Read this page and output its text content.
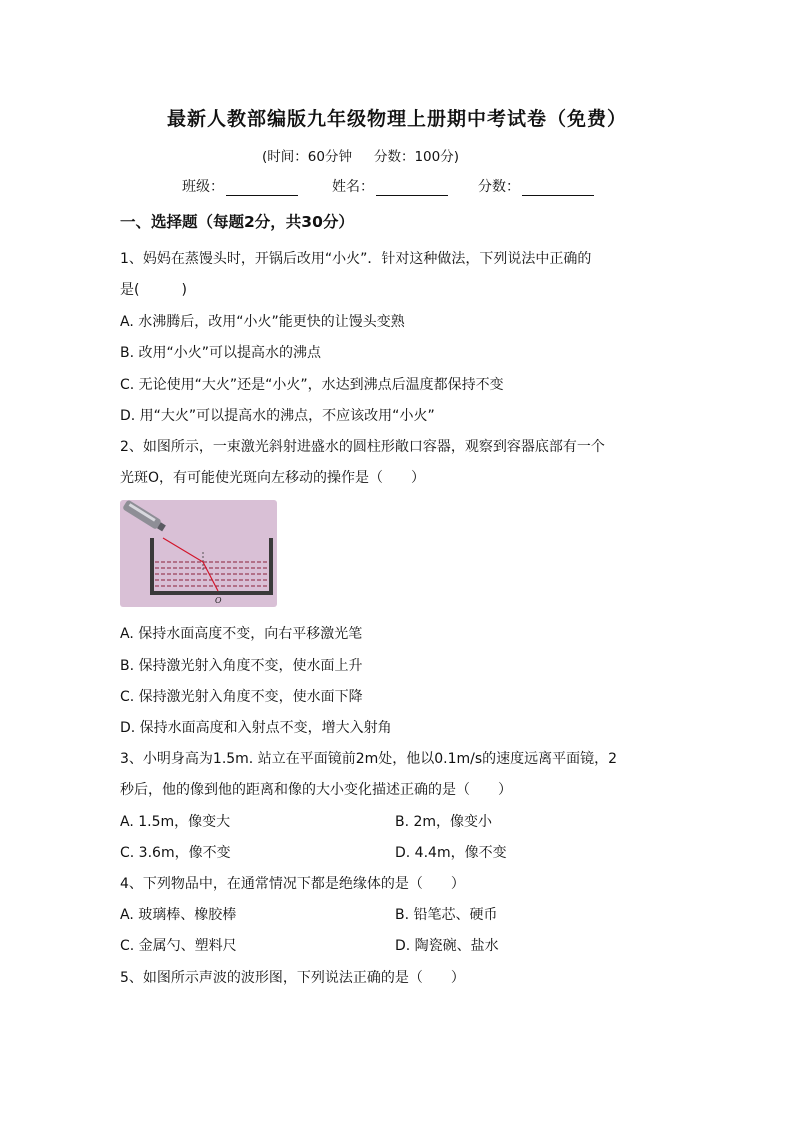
最新人教部编版九年级物理上册期中考试卷（免费）
(时间：60分钟 分数：100分)
班级：	姓名：	分数：
一、选择题（每题2分，共30分）
1、妈妈在蒸馒头时，开锅后改用“小火”．针对这种做法，下列说法中正确的
是(　　　)
A. 水沸腾后，改用“小火”能更快的让馒头变熟
B. 改用“小火”可以提高水的沸点
C. 无论使用“大火”还是“小火”，水达到沸点后温度都保持不变
D. 用“大火”可以提高水的沸点，不应该改用“小火”
2、如图所示，一束激光斜射进盛水的圆柱形敞口容器，观察到容器底部有一个
光斑O，有可能使光斑向左移动的操作是（　　）
O
A. 保持水面高度不变，向右平移激光笔
B. 保持激光射入角度不变，使水面上升
C. 保持激光射入角度不变，使水面下降
D. 保持水面高度和入射点不变，增大入射角
3、小明身高为1.5m. 站立在平面镜前2m处，他以0.1m/s的速度远离平面镜，2
秒后，他的像到他的距离和像的大小变化描述正确的是（　　）
A. 1.5m，像变大	B. 2m，像变小
C. 3.6m，像不变	D. 4.4m，像不变
4、下列物品中，在通常情况下都是绝缘体的是（　　）
A. 玻璃棒、橡胶棒	B. 铅笔芯、硬币
C. 金属勺、塑料尺	D. 陶瓷碗、盐水
5、如图所示声波的波形图，下列说法正确的是（　　）
